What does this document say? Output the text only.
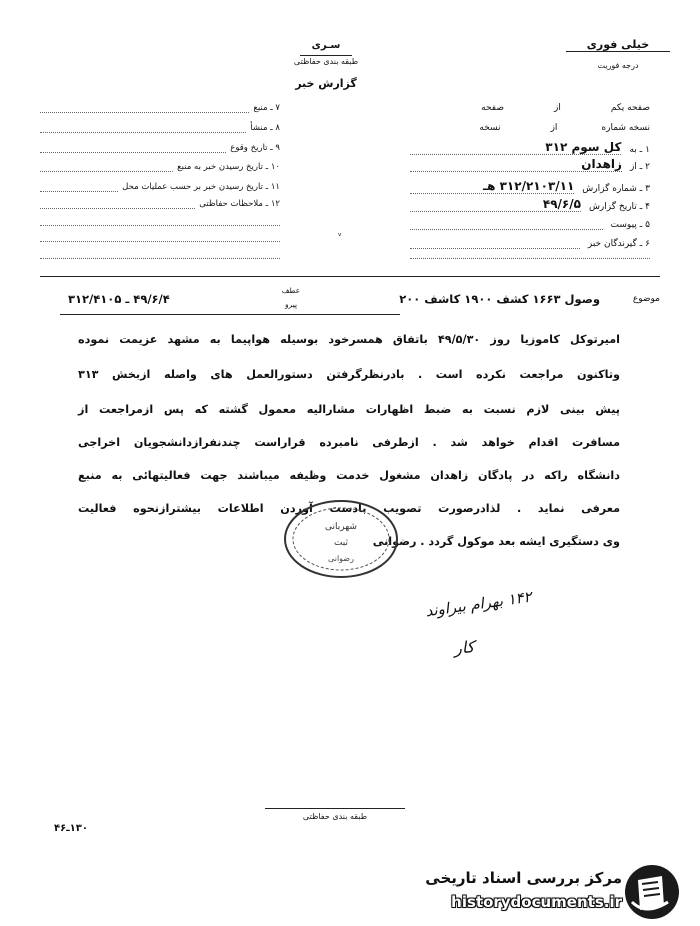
خیلی فوری
درجه فوریت
سـری
طبقه بندی حفاظتی
گزارش خبر
صفحه یکم
از
صفحه
نسخه شماره
از
نسخه
۱ ـ به
کل سوم ۳۱۲
۲ ـ از
زاهدان
۳ ـ شماره گزارش
۳۱۲/۲۱۰۳/۱۱ هـ
۴ ـ تاریخ گزارش
۴۹/۶/۵
۵ ـ پیوست
۶ ـ گیرندگان خبر
۷ ـ منبع
۸ ـ منشأ
۹ ـ تاریخ وقوع
۱۰ ـ تاریخ رسیدن خبر به منبع
۱۱ ـ تاریخ رسیدن خبر بر حسب عملیات محل
۱۲ ـ ملاحظات حفاظتی
ᵛ
موضوع
وصول ۱۶۶۳ کشف ۱۹۰۰ کاشف ۲۰۰
عطف
پیرو
۴۹/۶/۴ ـ ۳۱۲/۴۱۰۵
امیرتوکل کاموزیا روز ۴۹/۵/۳۰ باتفاق همسرخود بوسیله هواپیما به مشهد عزیمت نموده
وتاکنون مراجعت نکرده است . بادرنظرگرفتن دستورالعمل های واصله ازبخش ۳۱۳
پیش بینی لازم نسبت به ضبط اظهارات مشارالیه معمول گشته که پس ازمراجعت از
مسافرت اقدام خواهد شد . ازطرفی نامبرده قراراست چندنفرازدانشجویان اخراجی
دانشگاه راکه در پادگان زاهدان مشغول خدمت وظیفه میباشند جهت فعالیتهائی به منبع
معرفی نماید . لذادرصورت تصویب بادست آوردن اطلاعات بیشترازنحوه فعالیت
وی دستگیری ایشه بعد موکول گردد . رضوانی
شهربانی
ثبت
رضوانی
۱۴۲ بهرام بیراوند
کار
طبقه بندی حفاظتی
۱۳۰ـ۴۶
مرکز بررسی اسناد تاریخی
historydocuments.ir
